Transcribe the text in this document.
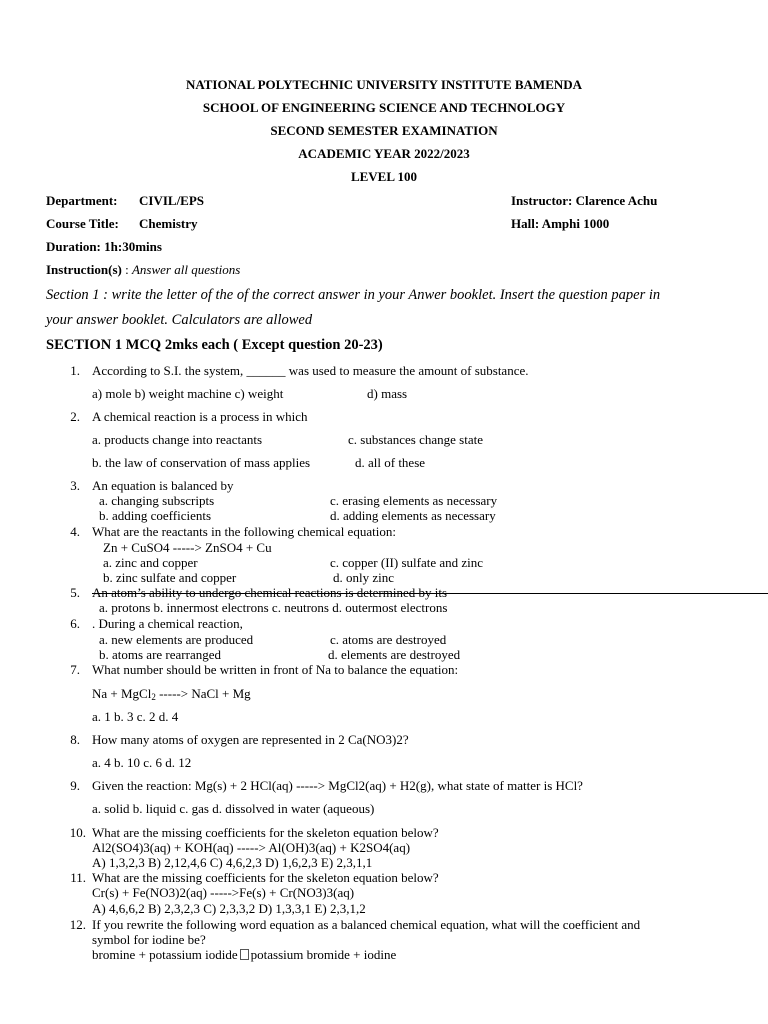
NATIONAL POLYTECHNIC UNIVERSITY INSTITUTE BAMENDA
SCHOOL OF ENGINEERING SCIENCE AND TECHNOLOGY
SECOND SEMESTER EXAMINATION
ACADEMIC YEAR 2022/2023
LEVEL 100
Department: CIVIL/EPS	Instructor: Clarence Achu
Course Title: Chemistry	Hall: Amphi 1000
Duration: 1h:30mins
Instruction(s) : Answer all questions
Section 1 : write the letter of the of the correct answer in your Anwer booklet. Insert the question paper in
your answer booklet. Calculators are allowed
SECTION 1 MCQ 2mks each ( Except question 20-23)
1. According to S.I. the system, ______ was used to measure the amount of substance.
a) mole b) weight machine c) weight	d) mass
2. A chemical reaction is a process in which
a. products change into reactants	c. substances change state
b. the law of conservation of mass applies	d. all of these
3. An equation is balanced by
a. changing subscripts	c. erasing elements as necessary
b. adding coefficients	d. adding elements as necessary
4. What are the reactants in the following chemical equation:
Zn + CuSO4 -----> ZnSO4 + Cu
a. zinc and copper	c. copper (II) sulfate and zinc
b. zinc sulfate and copper	d. only zinc
5. An atom’s ability to undergo chemical reactions is determined by its
a. protons b. innermost electrons c. neutrons d. outermost electrons
6. . During a chemical reaction,
a. new elements are produced	c. atoms are destroyed
b. atoms are rearranged	d. elements are destroyed
7. What number should be written in front of Na to balance the equation:
Na + MgCl$_2$ -----> NaCl + Mg
a. 1 b. 3 c. 2 d. 4
8. How many atoms of oxygen are represented in 2 Ca(NO3)2?
a. 4 b. 10 c. 6 d. 12
9. Given the reaction: Mg(s) + 2 HCl(aq) -----> MgCl2(aq) + H2(g), what state of matter is HCl?
a. solid b. liquid c. gas d. dissolved in water (aqueous)
10. What are the missing coefficients for the skeleton equation below?
Al2(SO4)3(aq) + KOH(aq) -----> Al(OH)3(aq) + K2SO4(aq)
A) 1,3,2,3 B) 2,12,4,6 C) 4,6,2,3 D) 1,6,2,3 E) 2,3,1,1
11. What are the missing coefficients for the skeleton equation below?
Cr(s) + Fe(NO3)2(aq) ----->Fe(s) + Cr(NO3)3(aq)
A) 4,6,6,2 B) 2,3,2,3 C) 2,3,3,2 D) 1,3,3,1 E) 2,3,1,2
12. If you rewrite the following word equation as a balanced chemical equation, what will the coefficient and
symbol for iodine be?
bromine + potassium iodide potassium bromide + iodine
